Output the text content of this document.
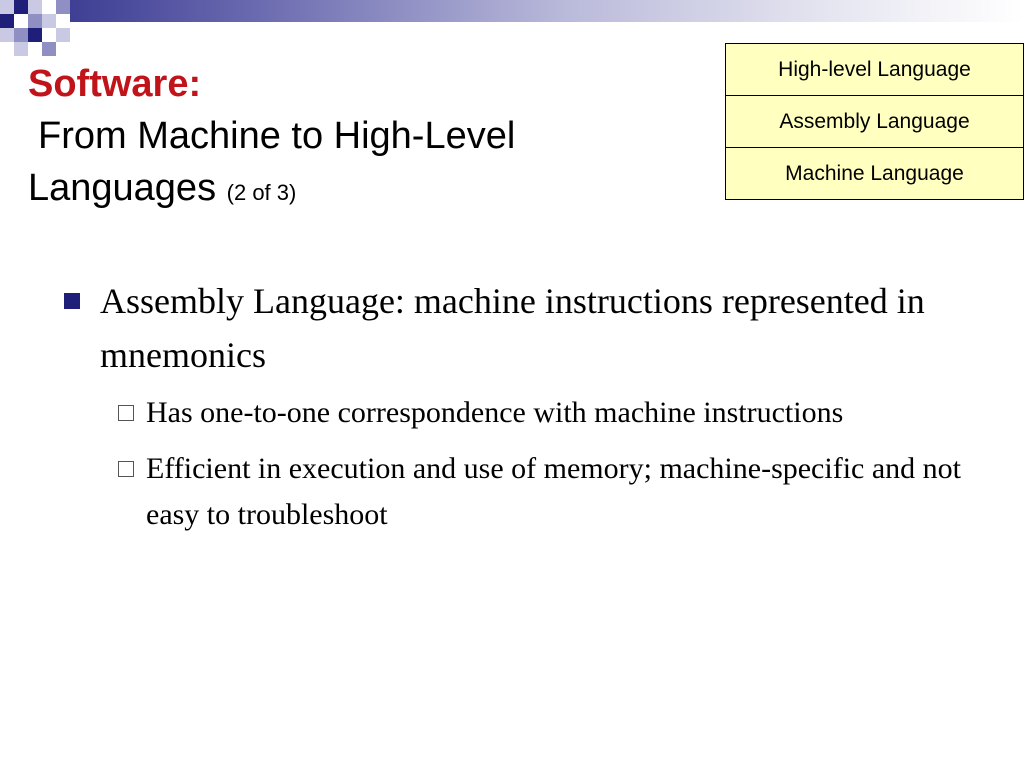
Software:
From Machine to High-Level
Languages (2 of 3)
High-level Language
Assembly Language
Machine Language
Assembly Language: machine instructions represented in mnemonics
Has one-to-one correspondence with machine instructions
Efficient in execution and use of memory; machine-specific and not easy to troubleshoot
